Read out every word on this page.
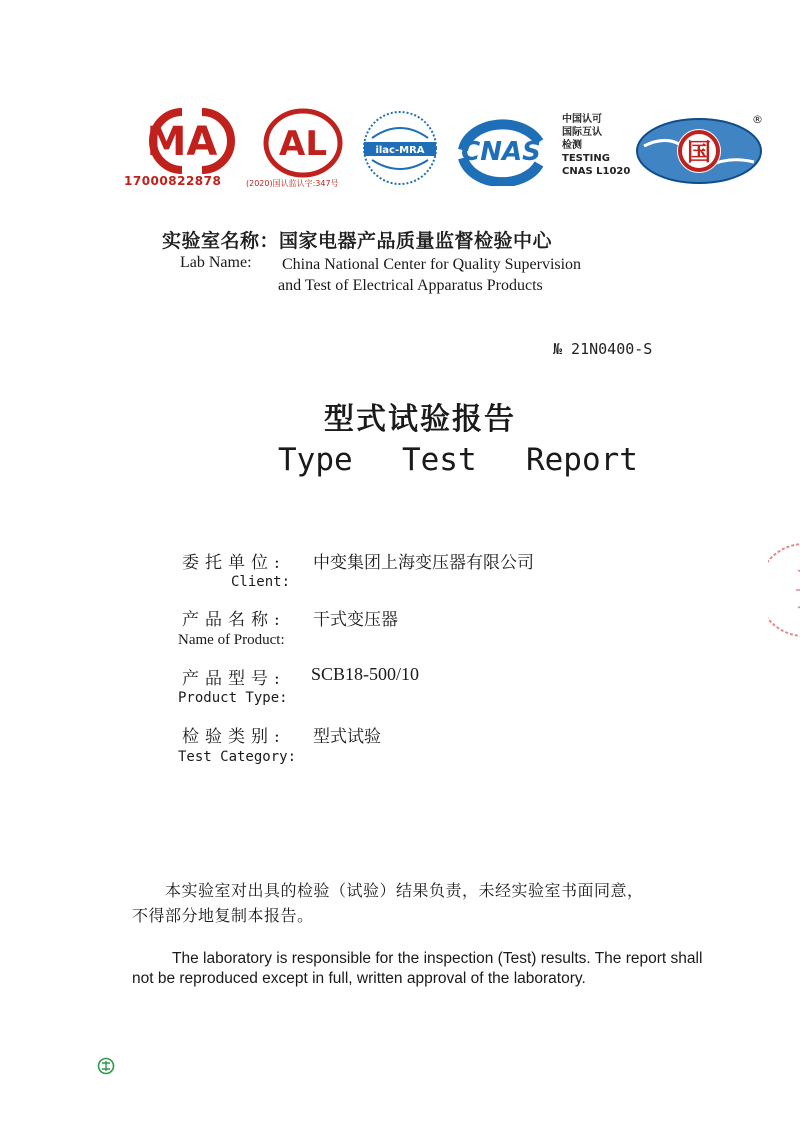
MA
17000822878
AL
(2020)国认监认字:347号
ilac-MRA CNAS
中国认可
国际互认
检测
TESTING
CNAS L1020
国
®
实验室名称：国家电器产品质量监督检验中心
Lab Name: China National Center for Quality Supervision
and Test of Electrical Apparatus Products
№ 21N0400-S
型式试验报告
Type  Test  Report
委托单位: 中变集团上海变压器有限公司
Client:
产品名称: 干式变压器
Name of Product:
产品型号: SCB18-500/10
Product Type:
检验类别: 型式试验
Test Category:
本实验室对出具的检验（试验）结果负责，未经实验室书面同意，
不得部分地复制本报告。
The laboratory is responsible for the inspection (Test) results. The report shall
not be reproduced except in full, written approval of the laboratory.
